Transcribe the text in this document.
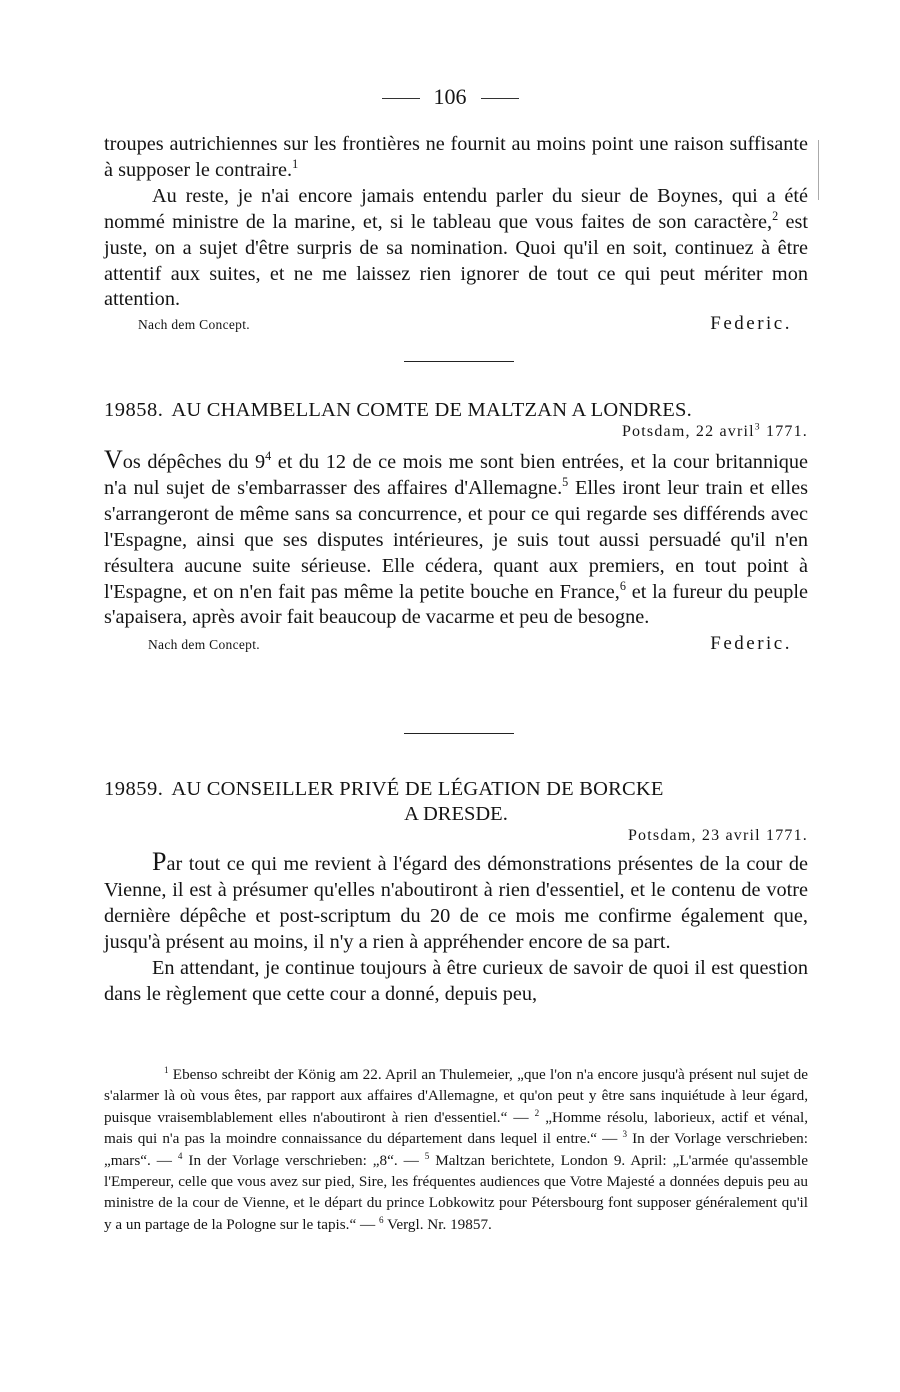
106

troupes autrichiennes sur les frontières ne fournit au moins point une raison suffisante à supposer le contraire.$^1$

Au reste, je n'ai encore jamais entendu parler du sieur de Boynes, qui a été nommé ministre de la marine, et, si le tableau que vous faites de son caractère,$^2$ est juste, on a sujet d'être surpris de sa nomination. Quoi qu'il en soit, continuez à être attentif aux suites, et ne me laissez rien ignorer de tout ce qui peut mériter mon attention.

Nach dem Concept.	Federic.

19858. AU CHAMBELLAN COMTE DE MALTZAN A LONDRES.

Potsdam, 22 avril$^3$ 1771.

Vos dépêches du $9^4$ et du 12 de ce mois me sont bien entrées, et la cour britannique n'a nul sujet de s'embarrasser des affaires d'Allemagne.$^5$ Elles iront leur train et elles s'arrangeront de même sans sa concurrence, et pour ce qui regarde ses différends avec l'Espagne, ainsi que ses disputes intérieures, je suis tout aussi persuadé qu'il n'en résultera aucune suite sérieuse. Elle cédera, quant aux premiers, en tout point à l'Espagne, et on n'en fait pas même la petite bouche en France,$^6$ et la fureur du peuple s'apaisera, après avoir fait beaucoup de vacarme et peu de besogne.

Nach dem Concept.	Federic.

19859. AU CONSEILLER PRIVÉ DE LÉGATION DE BORCKE

A DRESDE.

Potsdam, 23 avril 1771.

Par tout ce qui me revient à l'égard des démonstrations présentes de la cour de Vienne, il est à présumer qu'elles n'aboutiront à rien d'essentiel, et le contenu de votre dernière dépêche et post-scriptum du 20 de ce mois me confirme également que, jusqu'à présent au moins, il n'y a rien à appréhender encore de sa part.

En attendant, je continue toujours à être curieux de savoir de quoi il est question dans le règlement que cette cour a donné, depuis peu,

$^1$ Ebenso schreibt der König am 22. April an Thulemeier, „que l'on n'a encore jusqu'à présent nul sujet de s'alarmer là où vous êtes, par rapport aux affaires d'Allemagne, et qu'on peut y être sans inquiétude à leur égard, puisque vraisemblablement elles n'aboutiront à rien d'essentiel.“ — $^2$ „Homme résolu, laborieux, actif et vénal, mais qui n'a pas la moindre connaissance du département dans lequel il entre.“ — $^3$ In der Vorlage verschrieben: „mars“. — $^4$ In der Vorlage verschrieben: „8“. — $^5$ Maltzan berichtete, London 9. April: „L'armée qu'assemble l'Empereur, celle que vous avez sur pied, Sire, les fréquentes audiences que Votre Majesté a données depuis peu au ministre de la cour de Vienne, et le départ du prince Lobkowitz pour Pétersbourg font supposer généralement qu'il y a un partage de la Pologne sur le tapis.“ — $^6$ Vergl. Nr. 19857.
